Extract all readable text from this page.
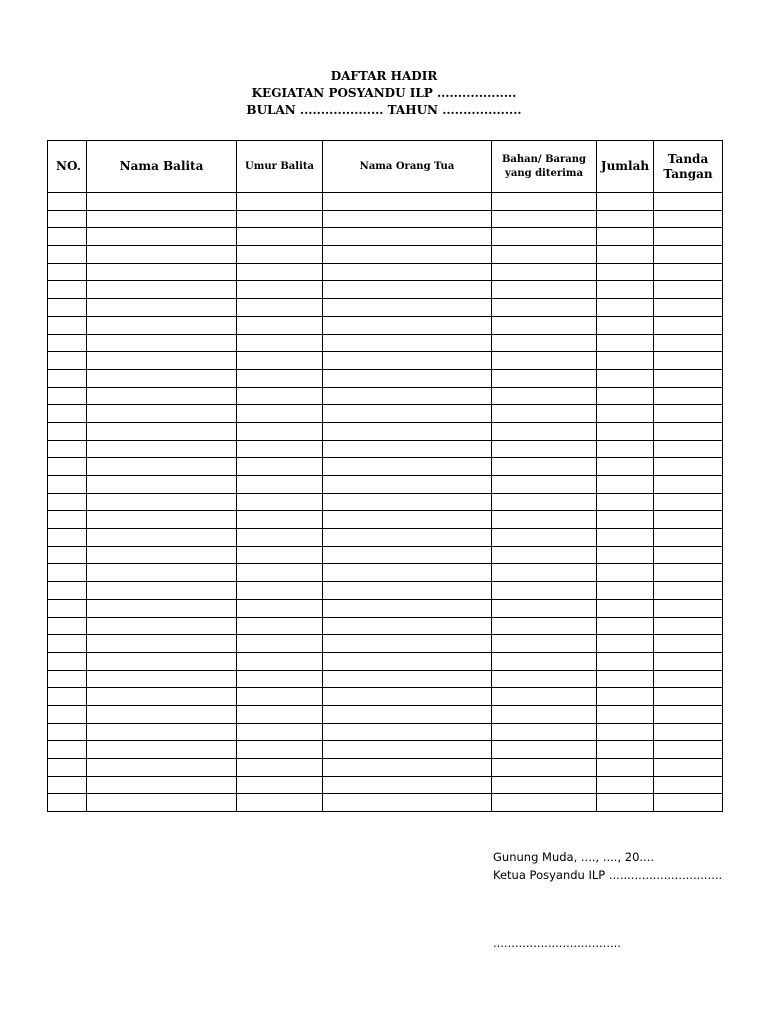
DAFTAR HADIR
KEGIATAN POSYANDU ILP ...................
BULAN .................... TAHUN ...................
NO.	Nama Balita	Umur Balita	Nama Orang Tua	Bahan/ Barang yang diterima	Jumlah	Tanda Tangan

Gunung Muda, ...., ...., 20....
Ketua Posyandu ILP ...............................
...................................
